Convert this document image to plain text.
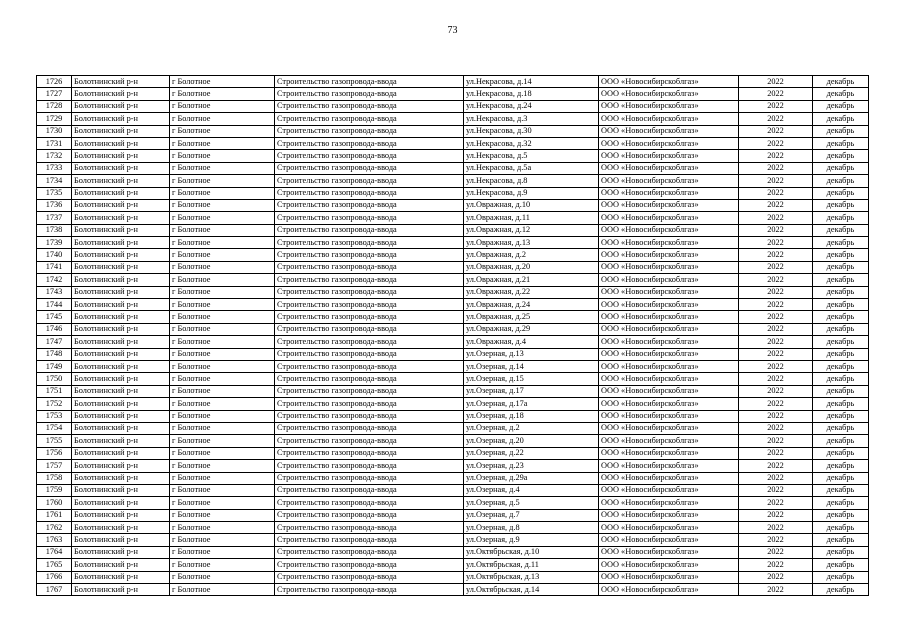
73
1726	Болотнинский р-н	г Болотное	Строительство газопровода-ввода	ул.Некрасова, д.14	ООО «Новосибирскоблгаз»	2022	декабрь
1727	Болотнинский р-н	г Болотное	Строительство газопровода-ввода	ул.Некрасова, д.18	ООО «Новосибирскоблгаз»	2022	декабрь
1728	Болотнинский р-н	г Болотное	Строительство газопровода-ввода	ул.Некрасова, д.24	ООО «Новосибирскоблгаз»	2022	декабрь
1729	Болотнинский р-н	г Болотное	Строительство газопровода-ввода	ул.Некрасова, д.3	ООО «Новосибирскоблгаз»	2022	декабрь
1730	Болотнинский р-н	г Болотное	Строительство газопровода-ввода	ул.Некрасова, д.30	ООО «Новосибирскоблгаз»	2022	декабрь
1731	Болотнинский р-н	г Болотное	Строительство газопровода-ввода	ул.Некрасова, д.32	ООО «Новосибирскоблгаз»	2022	декабрь
1732	Болотнинский р-н	г Болотное	Строительство газопровода-ввода	ул.Некрасова, д.5	ООО «Новосибирскоблгаз»	2022	декабрь
1733	Болотнинский р-н	г Болотное	Строительство газопровода-ввода	ул.Некрасова, д.5а	ООО «Новосибирскоблгаз»	2022	декабрь
1734	Болотнинский р-н	г Болотное	Строительство газопровода-ввода	ул.Некрасова, д.8	ООО «Новосибирскоблгаз»	2022	декабрь
1735	Болотнинский р-н	г Болотное	Строительство газопровода-ввода	ул.Некрасова, д.9	ООО «Новосибирскоблгаз»	2022	декабрь
1736	Болотнинский р-н	г Болотное	Строительство газопровода-ввода	ул.Овражная, д.10	ООО «Новосибирскоблгаз»	2022	декабрь
1737	Болотнинский р-н	г Болотное	Строительство газопровода-ввода	ул.Овражная, д.11	ООО «Новосибирскоблгаз»	2022	декабрь
1738	Болотнинский р-н	г Болотное	Строительство газопровода-ввода	ул.Овражная, д.12	ООО «Новосибирскоблгаз»	2022	декабрь
1739	Болотнинский р-н	г Болотное	Строительство газопровода-ввода	ул.Овражная, д.13	ООО «Новосибирскоблгаз»	2022	декабрь
1740	Болотнинский р-н	г Болотное	Строительство газопровода-ввода	ул.Овражная, д.2	ООО «Новосибирскоблгаз»	2022	декабрь
1741	Болотнинский р-н	г Болотное	Строительство газопровода-ввода	ул.Овражная, д.20	ООО «Новосибирскоблгаз»	2022	декабрь
1742	Болотнинский р-н	г Болотное	Строительство газопровода-ввода	ул.Овражная, д.21	ООО «Новосибирскоблгаз»	2022	декабрь
1743	Болотнинский р-н	г Болотное	Строительство газопровода-ввода	ул.Овражная, д.22	ООО «Новосибирскоблгаз»	2022	декабрь
1744	Болотнинский р-н	г Болотное	Строительство газопровода-ввода	ул.Овражная, д.24	ООО «Новосибирскоблгаз»	2022	декабрь
1745	Болотнинский р-н	г Болотное	Строительство газопровода-ввода	ул.Овражная, д.25	ООО «Новосибирскоблгаз»	2022	декабрь
1746	Болотнинский р-н	г Болотное	Строительство газопровода-ввода	ул.Овражная, д.29	ООО «Новосибирскоблгаз»	2022	декабрь
1747	Болотнинский р-н	г Болотное	Строительство газопровода-ввода	ул.Овражная, д.4	ООО «Новосибирскоблгаз»	2022	декабрь
1748	Болотнинский р-н	г Болотное	Строительство газопровода-ввода	ул.Озерная, д.13	ООО «Новосибирскоблгаз»	2022	декабрь
1749	Болотнинский р-н	г Болотное	Строительство газопровода-ввода	ул.Озерная, д.14	ООО «Новосибирскоблгаз»	2022	декабрь
1750	Болотнинский р-н	г Болотное	Строительство газопровода-ввода	ул.Озерная, д.15	ООО «Новосибирскоблгаз»	2022	декабрь
1751	Болотнинский р-н	г Болотное	Строительство газопровода-ввода	ул.Озерная, д.17	ООО «Новосибирскоблгаз»	2022	декабрь
1752	Болотнинский р-н	г Болотное	Строительство газопровода-ввода	ул.Озерная, д.17а	ООО «Новосибирскоблгаз»	2022	декабрь
1753	Болотнинский р-н	г Болотное	Строительство газопровода-ввода	ул.Озерная, д.18	ООО «Новосибирскоблгаз»	2022	декабрь
1754	Болотнинский р-н	г Болотное	Строительство газопровода-ввода	ул.Озерная, д.2	ООО «Новосибирскоблгаз»	2022	декабрь
1755	Болотнинский р-н	г Болотное	Строительство газопровода-ввода	ул.Озерная, д.20	ООО «Новосибирскоблгаз»	2022	декабрь
1756	Болотнинский р-н	г Болотное	Строительство газопровода-ввода	ул.Озерная, д.22	ООО «Новосибирскоблгаз»	2022	декабрь
1757	Болотнинский р-н	г Болотное	Строительство газопровода-ввода	ул.Озерная, д.23	ООО «Новосибирскоблгаз»	2022	декабрь
1758	Болотнинский р-н	г Болотное	Строительство газопровода-ввода	ул.Озерная, д.29а	ООО «Новосибирскоблгаз»	2022	декабрь
1759	Болотнинский р-н	г Болотное	Строительство газопровода-ввода	ул.Озерная, д.4	ООО «Новосибирскоблгаз»	2022	декабрь
1760	Болотнинский р-н	г Болотное	Строительство газопровода-ввода	ул.Озерная, д.5	ООО «Новосибирскоблгаз»	2022	декабрь
1761	Болотнинский р-н	г Болотное	Строительство газопровода-ввода	ул.Озерная, д.7	ООО «Новосибирскоблгаз»	2022	декабрь
1762	Болотнинский р-н	г Болотное	Строительство газопровода-ввода	ул.Озерная, д.8	ООО «Новосибирскоблгаз»	2022	декабрь
1763	Болотнинский р-н	г Болотное	Строительство газопровода-ввода	ул.Озерная, д.9	ООО «Новосибирскоблгаз»	2022	декабрь
1764	Болотнинский р-н	г Болотное	Строительство газопровода-ввода	ул.Октябрьская, д.10	ООО «Новосибирскоблгаз»	2022	декабрь
1765	Болотнинский р-н	г Болотное	Строительство газопровода-ввода	ул.Октябрьская, д.11	ООО «Новосибирскоблгаз»	2022	декабрь
1766	Болотнинский р-н	г Болотное	Строительство газопровода-ввода	ул.Октябрьская, д.13	ООО «Новосибирскоблгаз»	2022	декабрь
1767	Болотнинский р-н	г Болотное	Строительство газопровода-ввода	ул.Октябрьская, д.14	ООО «Новосибирскоблгаз»	2022	декабрь
